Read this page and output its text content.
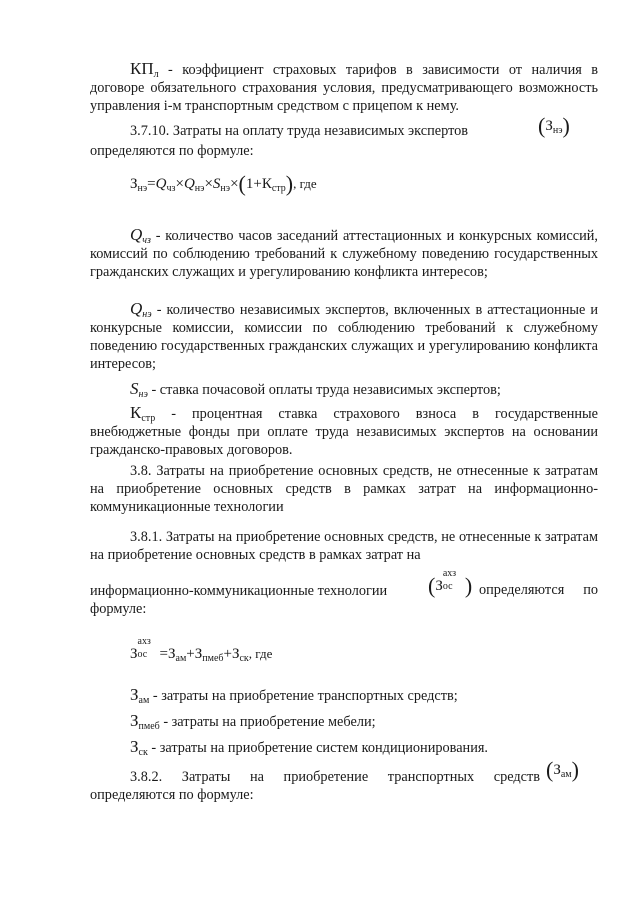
$КП_л$ - коэффициент страховых тарифов в зависимости от наличия в договоре обязательного страхования условия, предусматривающего возможность управления i-м транспортным средством с прицепом к нему.
3.7.10. Затраты на оплату труда независимых экспертов	$(З_{нэ})$
определяются по формуле:
$З_{нэ}=Q_{чз}\times Q_{нэ}\times S_{нэ}\times(1+К_{стр})$, где
$Q_{чз}$ - количество часов заседаний аттестационных и конкурсных комиссий, комиссий по соблюдению требований к служебному поведению государственных гражданских служащих и урегулированию конфликта интересов;
$Q_{нэ}$ - количество независимых экспертов, включенных в аттестационные и конкурсные комиссии, комиссии по соблюдению требований к служебному поведению государственных гражданских служащих и урегулированию конфликта интересов;
$S_{нэ}$ - ставка почасовой оплаты труда независимых экспертов;
$К_{стр}$ - процентная ставка страхового взноса в государственные внебюджетные фонды при оплате труда независимых экспертов на основании гражданско-правовых договоров.
3.8. Затраты на приобретение основных средств, не отнесенные к затратам на приобретение основных средств в рамках затрат на информационно-коммуникационные технологии
3.8.1. Затраты на приобретение основных средств, не отнесенные к затратам на приобретение основных средств в рамках затрат на
информационно-коммуникационные технологии	(З
ахз
ос ) определяются по
формуле:
З
ахз
ос $=З_{ам}+З_{пмеб}+З_{ск}$, где
$З_{ам}$ - затраты на приобретение транспортных средств;
$З_{пмеб}$ - затраты на приобретение мебели;
$З_{ск}$ - затраты на приобретение систем кондиционирования.
3.8.2. Затраты на приобретение транспортных средств $(З_{ам})$
определяются по формуле:
